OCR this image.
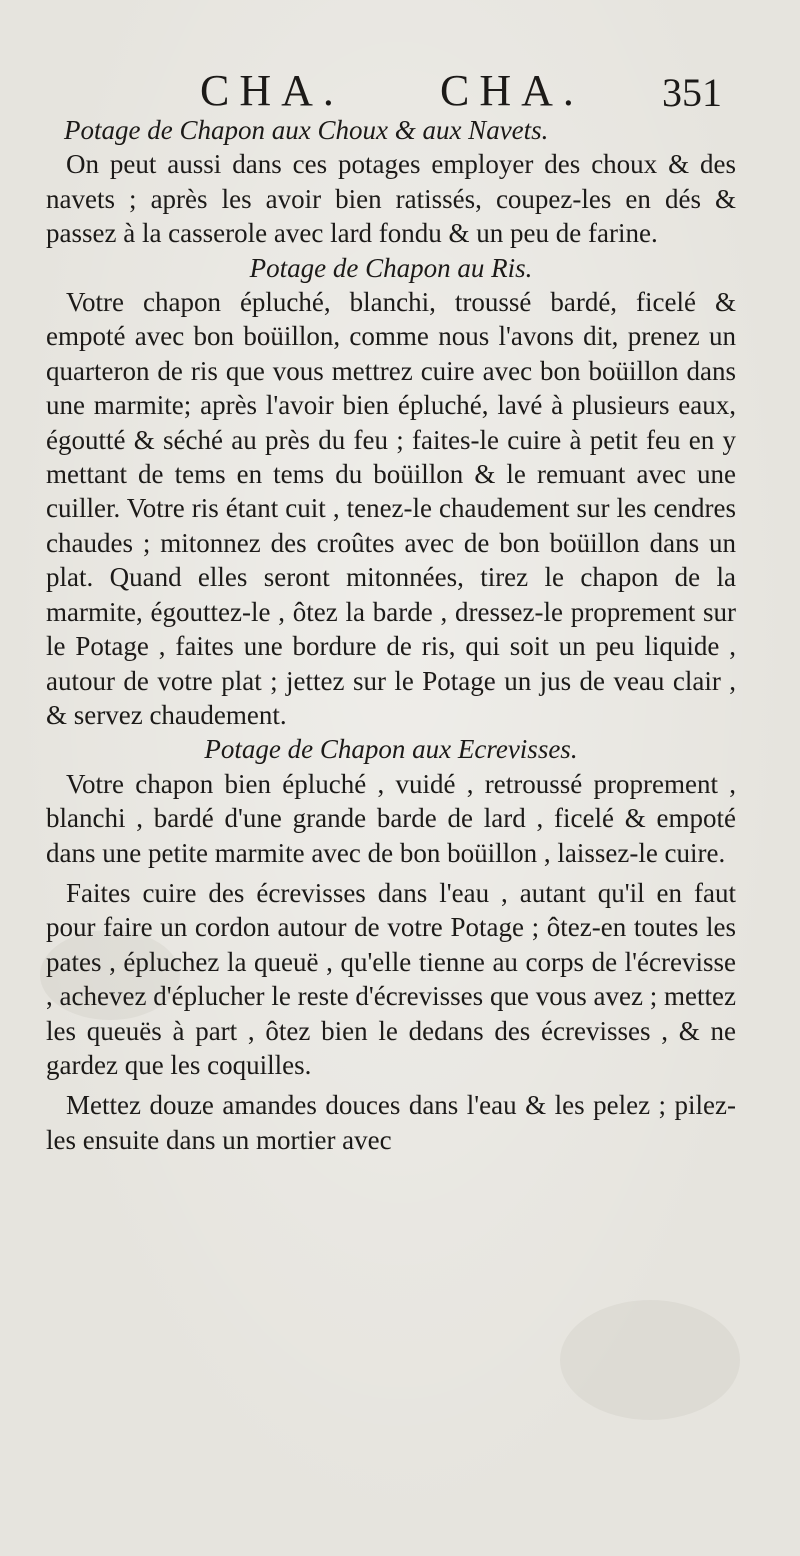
CHA. CHA. 351

Potage de Chapon aux Choux & aux Navets.

On peut aussi dans ces potages employer des choux & des navets ; après les avoir bien ratissés, coupez-les en dés & passez à la casserole avec lard fondu & un peu de farine.

Potage de Chapon au Ris.

Votre chapon épluché, blanchi, troussé bardé, ficelé & empoté avec bon boüillon, comme nous l'avons dit, prenez un quarteron de ris que vous mettrez cuire avec bon boüillon dans une marmite; après l'avoir bien épluché, lavé à plusieurs eaux, égoutté & séché au près du feu ; faites-le cuire à petit feu en y mettant de tems en tems du boüillon & le remuant avec une cuiller. Votre ris étant cuit , tenez-le chaudement sur les cendres chaudes ; mitonnez des croûtes avec de bon boüillon dans un plat. Quand elles seront mitonnées, tirez le chapon de la marmite, égouttez-le , ôtez la barde , dressez-le proprement sur le Potage , faites une bordure de ris, qui soit un peu liquide , autour de votre plat ; jettez sur le Potage un jus de veau clair , & servez chaudement.

Potage de Chapon aux Ecrevisses.

Votre chapon bien épluché , vuidé , retroussé proprement , blanchi , bardé d'une grande barde de lard , ficelé & empoté dans une petite marmite avec de bon boüillon , laissez-le cuire.

Faites cuire des écrevisses dans l'eau , autant qu'il en faut pour faire un cordon autour de votre Potage ; ôtez-en toutes les pates , épluchez la queuë , qu'elle tienne au corps de l'écrevisse , achevez d'éplucher le reste d'écrevisses que vous avez ; mettez les queuës à part , ôtez bien le dedans des écrevisses , & ne gardez que les coquilles.

Mettez douze amandes douces dans l'eau & les pelez ; pilez-les ensuite dans un mortier avec
